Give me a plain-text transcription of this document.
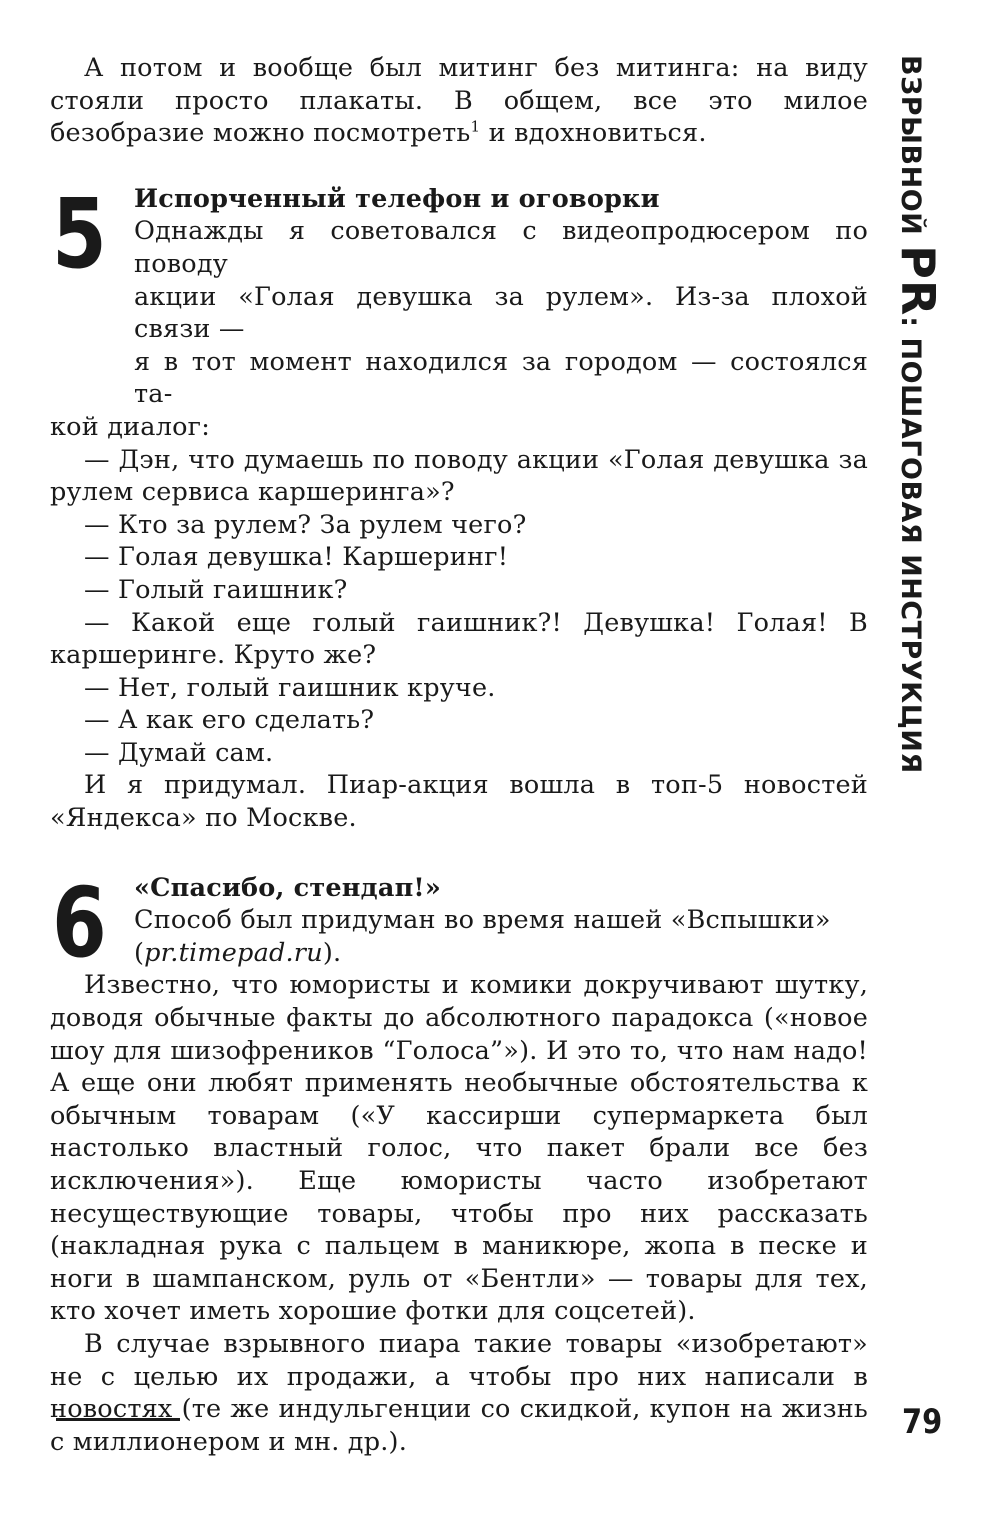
А потом и вообще был митинг без митинга: на виду стояли просто плакаты. В общем, все это милое безобразие можно посмотреть$^1$ и вдохновиться.

5 Испорченный телефон и оговорки

Однажды я советовался с видеопродюсером по поводу

акции «Голая девушка за рулем». Из-за плохой связи —

я в тот момент находился за городом — состоялся та-

кой диалог:

— Дэн, что думаешь по поводу акции «Голая девушка за рулем сервиса каршеринга»?

— Кто за рулем? За рулем чего?

— Голая девушка! Каршеринг!

— Голый гаишник?

— Какой еще голый гаишник?! Девушка! Голая! В каршеринге. Круто же?

— Нет, голый гаишник круче.

— А как его сделать?

— Думай сам.

И я придумал. Пиар-акция вошла в топ-5 новостей «Яндекса» по Москве.

6 «Спасибо, стендап!»

Способ был придуман во время нашей «Вспышки»

(pr.timepad.ru).

Известно, что юмористы и комики докручивают шутку, доводя обычные факты до абсолютного парадокса («новое шоу для шизофреников “Голоса”»). И это то, что нам надо! А еще они любят применять необычные обстоятельства к обычным товарам («У кассирши супермаркета был настолько властный голос, что пакет брали все без исключения»). Еще юмористы часто изобретают несуществующие товары, чтобы про них рассказать (накладная рука с пальцем в маникюре, жопа в песке и ноги в шампанском, руль от «Бентли» — товары для тех, кто хочет иметь хорошие фотки для соцсетей).

В случае взрывного пиара такие товары «изобретают» не с целью их продажи, а чтобы про них написали в новостях (те же индульгенции со скидкой, купон на жизнь с миллионером и мн. др.).

ВЗРЫВНОЙ PR: ПОШАГОВАЯ ИНСТРУКЦИЯ
79
